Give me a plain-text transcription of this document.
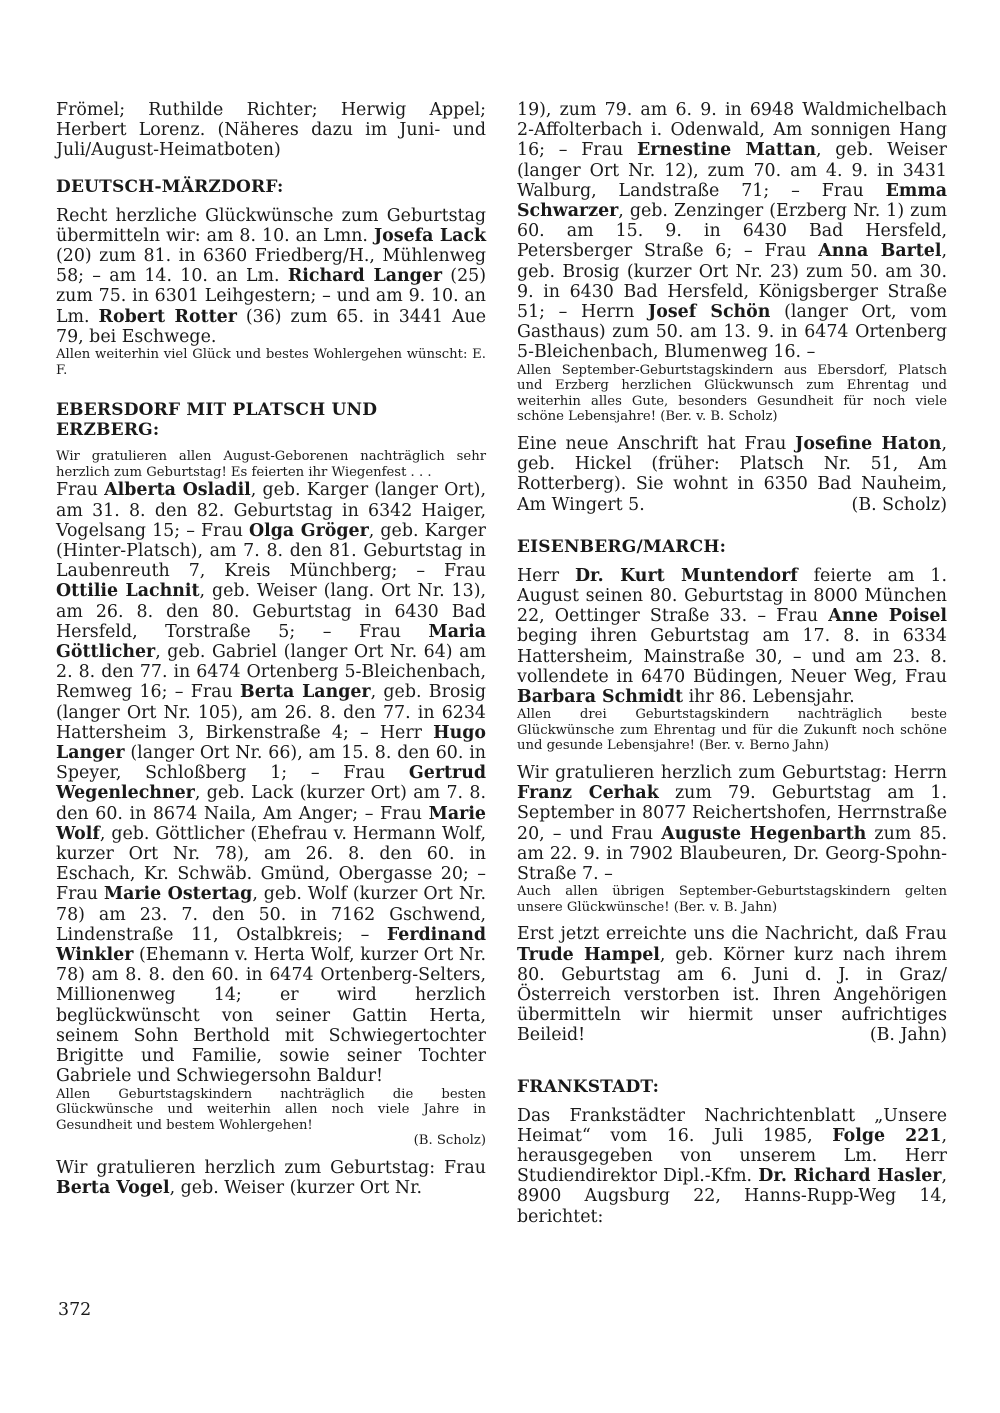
Frömel; Ruthilde Richter; Herwig Appel; Herbert Lorenz. (Näheres dazu im Juni- und Juli/August-Heimatboten)

DEUTSCH-MÄRZDORF:

Recht herzliche Glückwünsche zum Geburtstag übermitteln wir: am 8. 10. an Lmn. Josefa Lack (20) zum 81. in 6360 Friedberg/H., Mühlenweg 58; – am 14. 10. an Lm. Richard Langer (25) zum 75. in 6301 Leihgestern; – und am 9. 10. an Lm. Robert Rotter (36) zum 65. in 3441 Aue 79, bei Eschwege.

Allen weiterhin viel Glück und bestes Wohlergehen wünscht: E. F.

EBERSDORF MIT PLATSCH UND ERZBERG:

Wir gratulieren allen August-Geborenen nachträglich sehr herzlich zum Geburtstag! Es feierten ihr Wiegenfest . . .

Frau Alberta Osladil, geb. Karger (langer Ort), am 31. 8. den 82. Geburtstag in 6342 Haiger, Vogelsang 15; – Frau Olga Gröger, geb. Karger (Hinter-Platsch), am 7. 8. den 81. Geburtstag in Laubenreuth 7, Kreis Münchberg; – Frau Ottilie Lachnit, geb. Weiser (lang. Ort Nr. 13), am 26. 8. den 80. Geburtstag in 6430 Bad Hersfeld, Torstraße 5; – Frau Maria Göttlicher, geb. Gabriel (langer Ort Nr. 64) am 2. 8. den 77. in 6474 Ortenberg 5-Bleichenbach, Remweg 16; – Frau Berta Langer, geb. Brosig (langer Ort Nr. 105), am 26. 8. den 77. in 6234 Hattersheim 3, Birkenstraße 4; – Herr Hugo Langer (langer Ort Nr. 66), am 15. 8. den 60. in Speyer, Schloßberg 1; – Frau Gertrud Wegenlechner, geb. Lack (kurzer Ort) am 7. 8. den 60. in 8674 Naila, Am Anger; – Frau Marie Wolf, geb. Göttlicher (Ehefrau v. Hermann Wolf, kurzer Ort Nr. 78), am 26. 8. den 60. in Eschach, Kr. Schwäb. Gmünd, Obergasse 20; – Frau Marie Ostertag, geb. Wolf (kurzer Ort Nr. 78) am 23. 7. den 50. in 7162 Gschwend, Lindenstraße 11, Ostalbkreis; – Ferdinand Winkler (Ehemann v. Herta Wolf, kurzer Ort Nr. 78) am 8. 8. den 60. in 6474 Ortenberg-Selters, Millionenweg 14; er wird herzlich beglückwünscht von seiner Gattin Herta, seinem Sohn Berthold mit Schwiegertochter Brigitte und Familie, sowie seiner Tochter Gabriele und Schwiegersohn Baldur!

Allen Geburtstagskindern nachträglich die besten Glückwünsche und weiterhin allen noch viele Jahre in Gesundheit und bestem Wohlergehen!
(B. Scholz)

Wir gratulieren herzlich zum Geburtstag: Frau Berta Vogel, geb. Weiser (kurzer Ort Nr.

19), zum 79. am 6. 9. in 6948 Waldmichelbach 2-Affolterbach i. Odenwald, Am sonnigen Hang 16; – Frau Ernestine Mattan, geb. Weiser (langer Ort Nr. 12), zum 70. am 4. 9. in 3431 Walburg, Landstraße 71; – Frau Emma Schwarzer, geb. Zenzinger (Erzberg Nr. 1) zum 60. am 15. 9. in 6430 Bad Hersfeld, Petersberger Straße 6; – Frau Anna Bartel, geb. Brosig (kurzer Ort Nr. 23) zum 50. am 30. 9. in 6430 Bad Hersfeld, Königsberger Straße 51; – Herrn Josef Schön (langer Ort, vom Gasthaus) zum 50. am 13. 9. in 6474 Ortenberg 5-Bleichenbach, Blumenweg 16. –

Allen September-Geburtstagskindern aus Ebersdorf, Platsch und Erzberg herzlichen Glückwunsch zum Ehrentag und weiterhin alles Gute, besonders Gesundheit für noch viele schöne Lebensjahre! (Ber. v. B. Scholz)

Eine neue Anschrift hat Frau Josefine Haton, geb. Hickel (früher: Platsch Nr. 51, Am Rotterberg). Sie wohnt in 6350 Bad Nauheim, Am Wingert 5.	(B. Scholz)

EISENBERG/MARCH:

Herr Dr. Kurt Muntendorf feierte am 1. August seinen 80. Geburtstag in 8000 München 22, Oettinger Straße 33. – Frau Anne Poisel beging ihren Geburtstag am 17. 8. in 6334 Hattersheim, Mainstraße 30, – und am 23. 8. vollendete in 6470 Büdingen, Neuer Weg, Frau Barbara Schmidt ihr 86. Lebensjahr.

Allen drei Geburtstagskindern nachträglich beste Glückwünsche zum Ehrentag und für die Zukunft noch schöne und gesunde Lebensjahre! (Ber. v. Berno Jahn)

Wir gratulieren herzlich zum Geburtstag: Herrn Franz Cerhak zum 79. Geburtstag am 1. September in 8077 Reichertshofen, Herrnstraße 20, – und Frau Auguste Hegenbarth zum 85. am 22. 9. in 7902 Blaubeuren, Dr. Georg-Spohn-Straße 7. –

Auch allen übrigen September-Geburtstagskindern gelten unsere Glückwünsche! (Ber. v. B. Jahn)

Erst jetzt erreichte uns die Nachricht, daß Frau Trude Hampel, geb. Körner kurz nach ihrem 80. Geburtstag am 6. Juni d. J. in Graz/Österreich verstorben ist. Ihren Angehörigen übermitteln wir hiermit unser aufrichtiges Beileid!	(B. Jahn)

FRANKSTADT:

Das Frankstädter Nachrichtenblatt „Unsere Heimat“ vom 16. Juli 1985, Folge 221, herausgegeben von unserem Lm. Herr Studiendirektor Dipl.-Kfm. Dr. Richard Hasler, 8900 Augsburg 22, Hanns-Rupp-Weg 14, berichtet:

372
